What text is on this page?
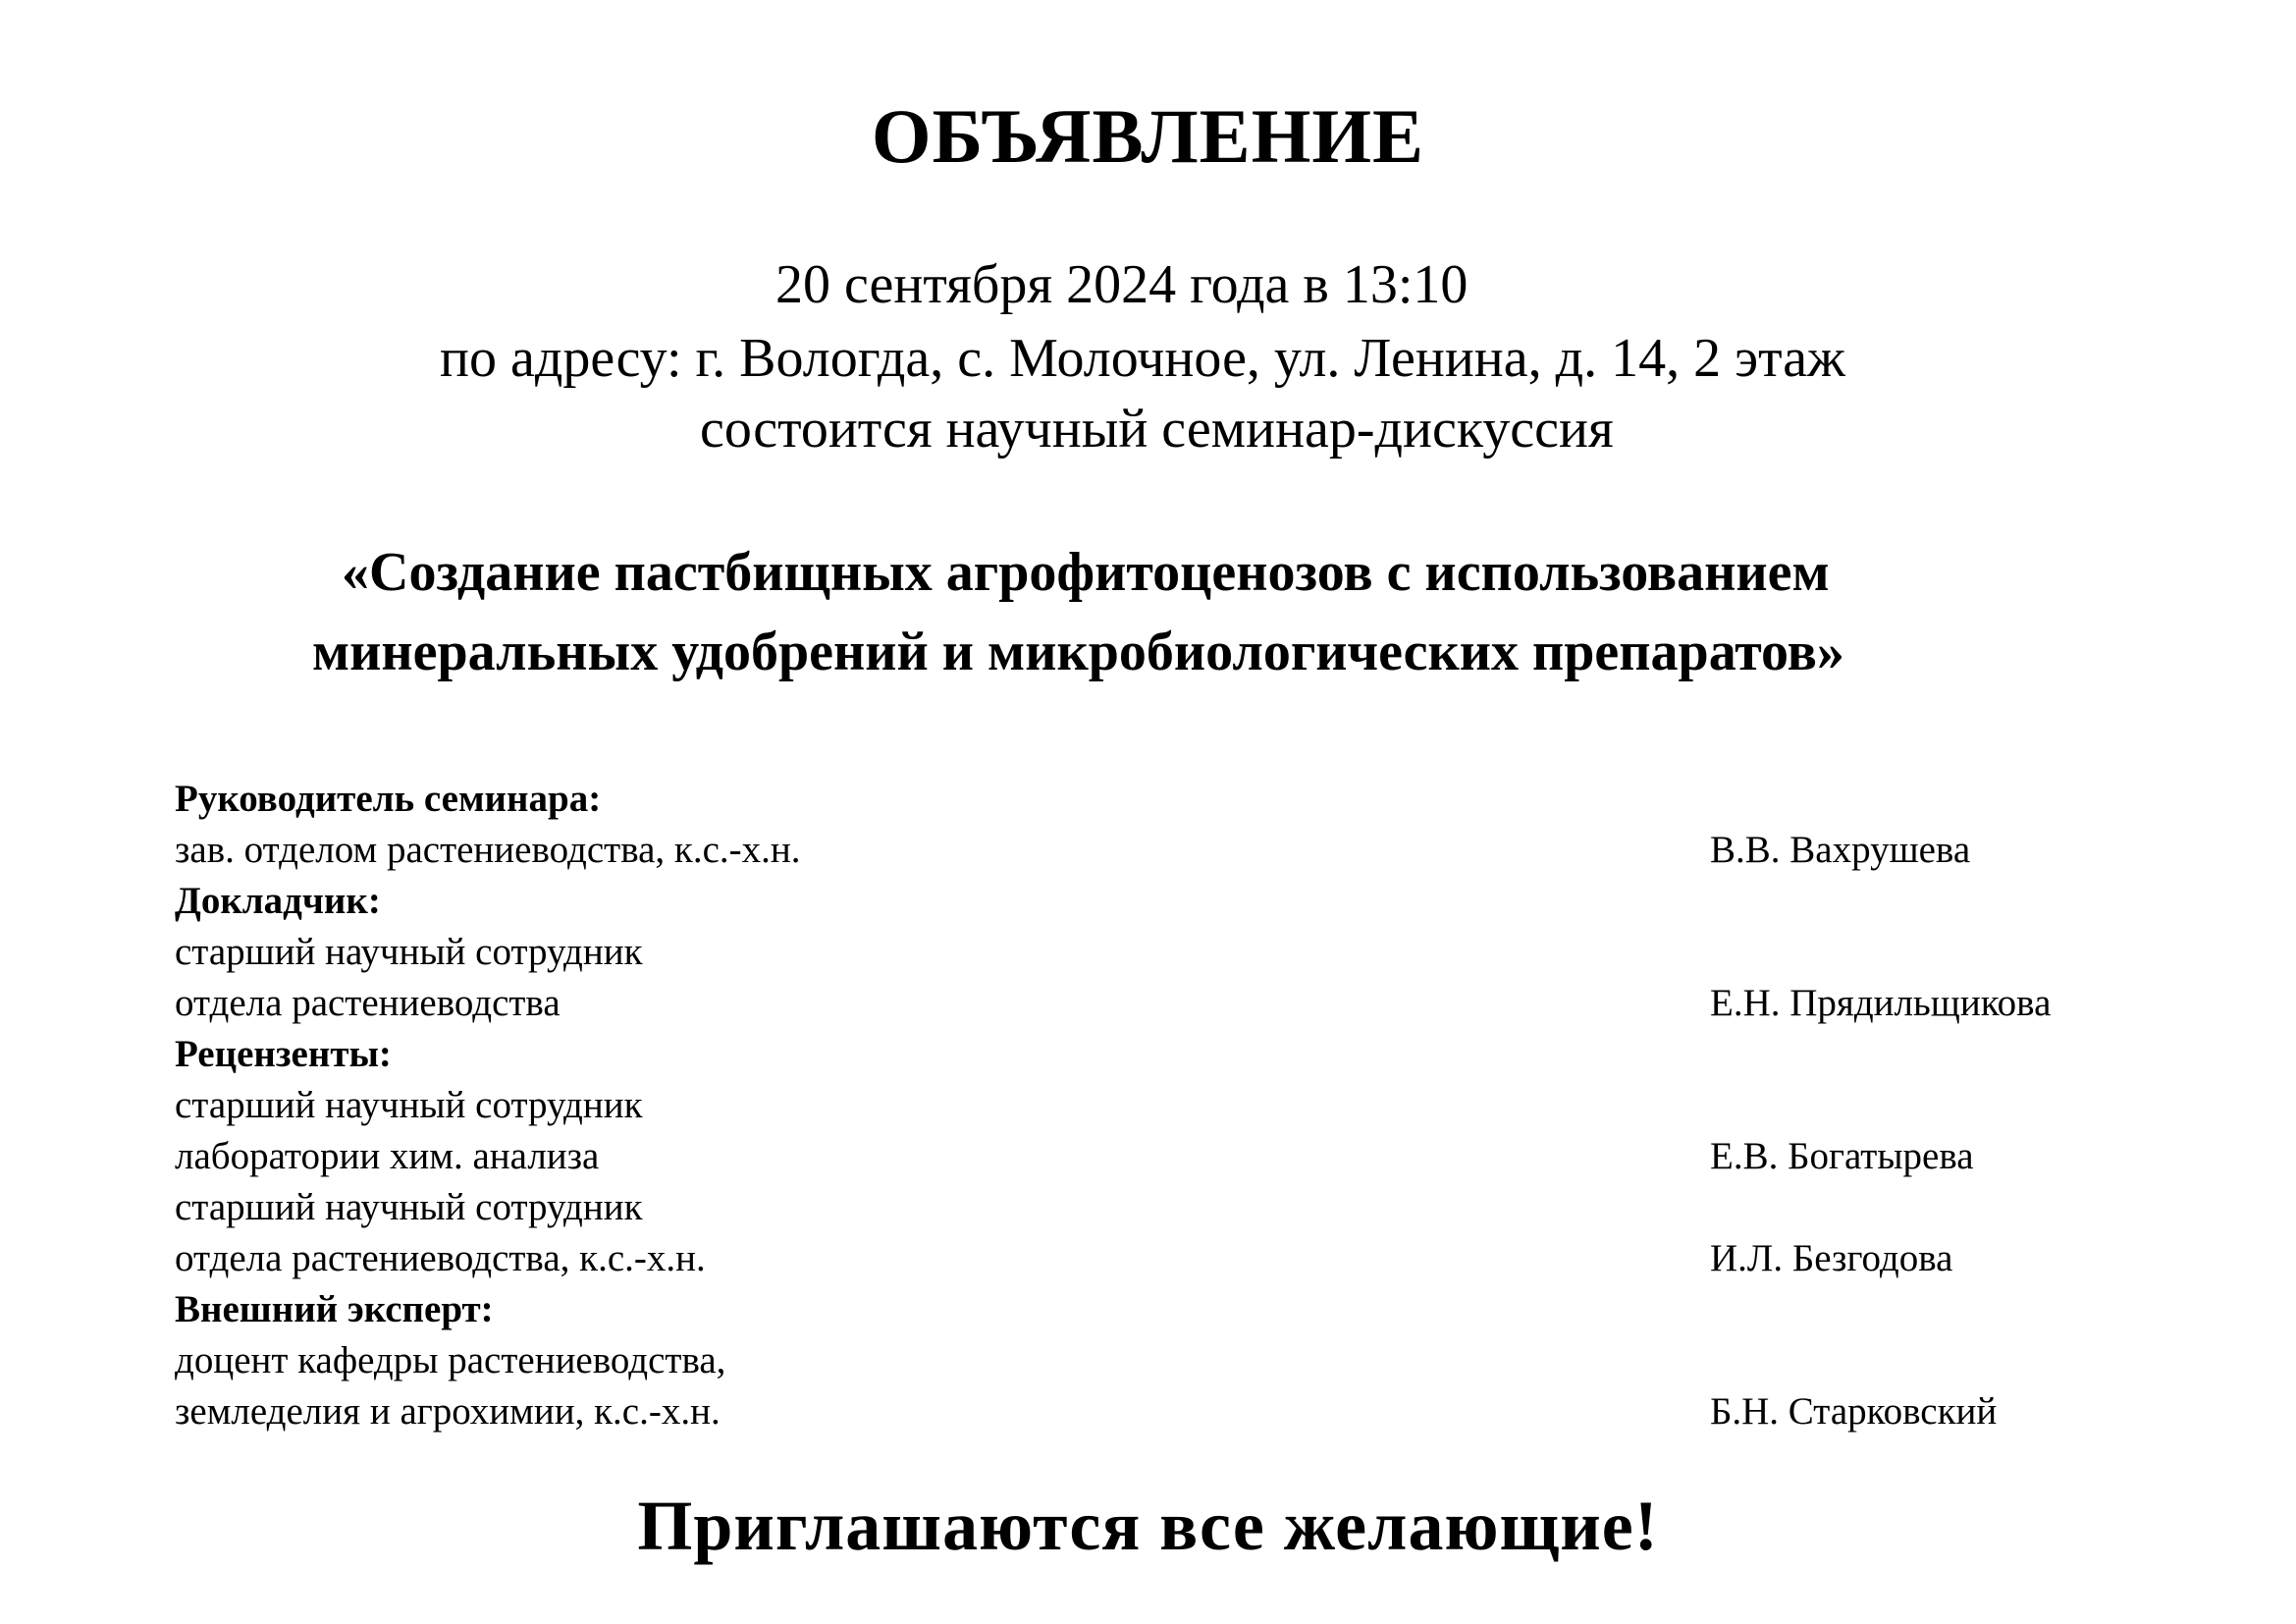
ОБЪЯВЛЕНИЕ
20 сентября 2024 года в 13:10
по адресу: г. Вологда, с. Молочное, ул. Ленина, д. 14, 2 этаж
состоится научный семинар-дискуссия
«Создание пастбищных агрофитоценозов с использованием
минеральных удобрений и микробиологических препаратов»
Руководитель семинара:
зав. отделом растениеводства, к.с.-х.н.	В.В. Вахрушева
Докладчик:
старший научный сотрудник
отдела растениеводства	Е.Н. Прядильщикова
Рецензенты:
старший научный сотрудник
лаборатории хим. анализа	Е.В. Богатырева
старший научный сотрудник
отдела растениеводства, к.с.-х.н.	И.Л. Безгодова
Внешний эксперт:
доцент кафедры растениеводства,
земледелия и агрохимии, к.с.-х.н.	Б.Н. Старковский
Приглашаются все желающие!
